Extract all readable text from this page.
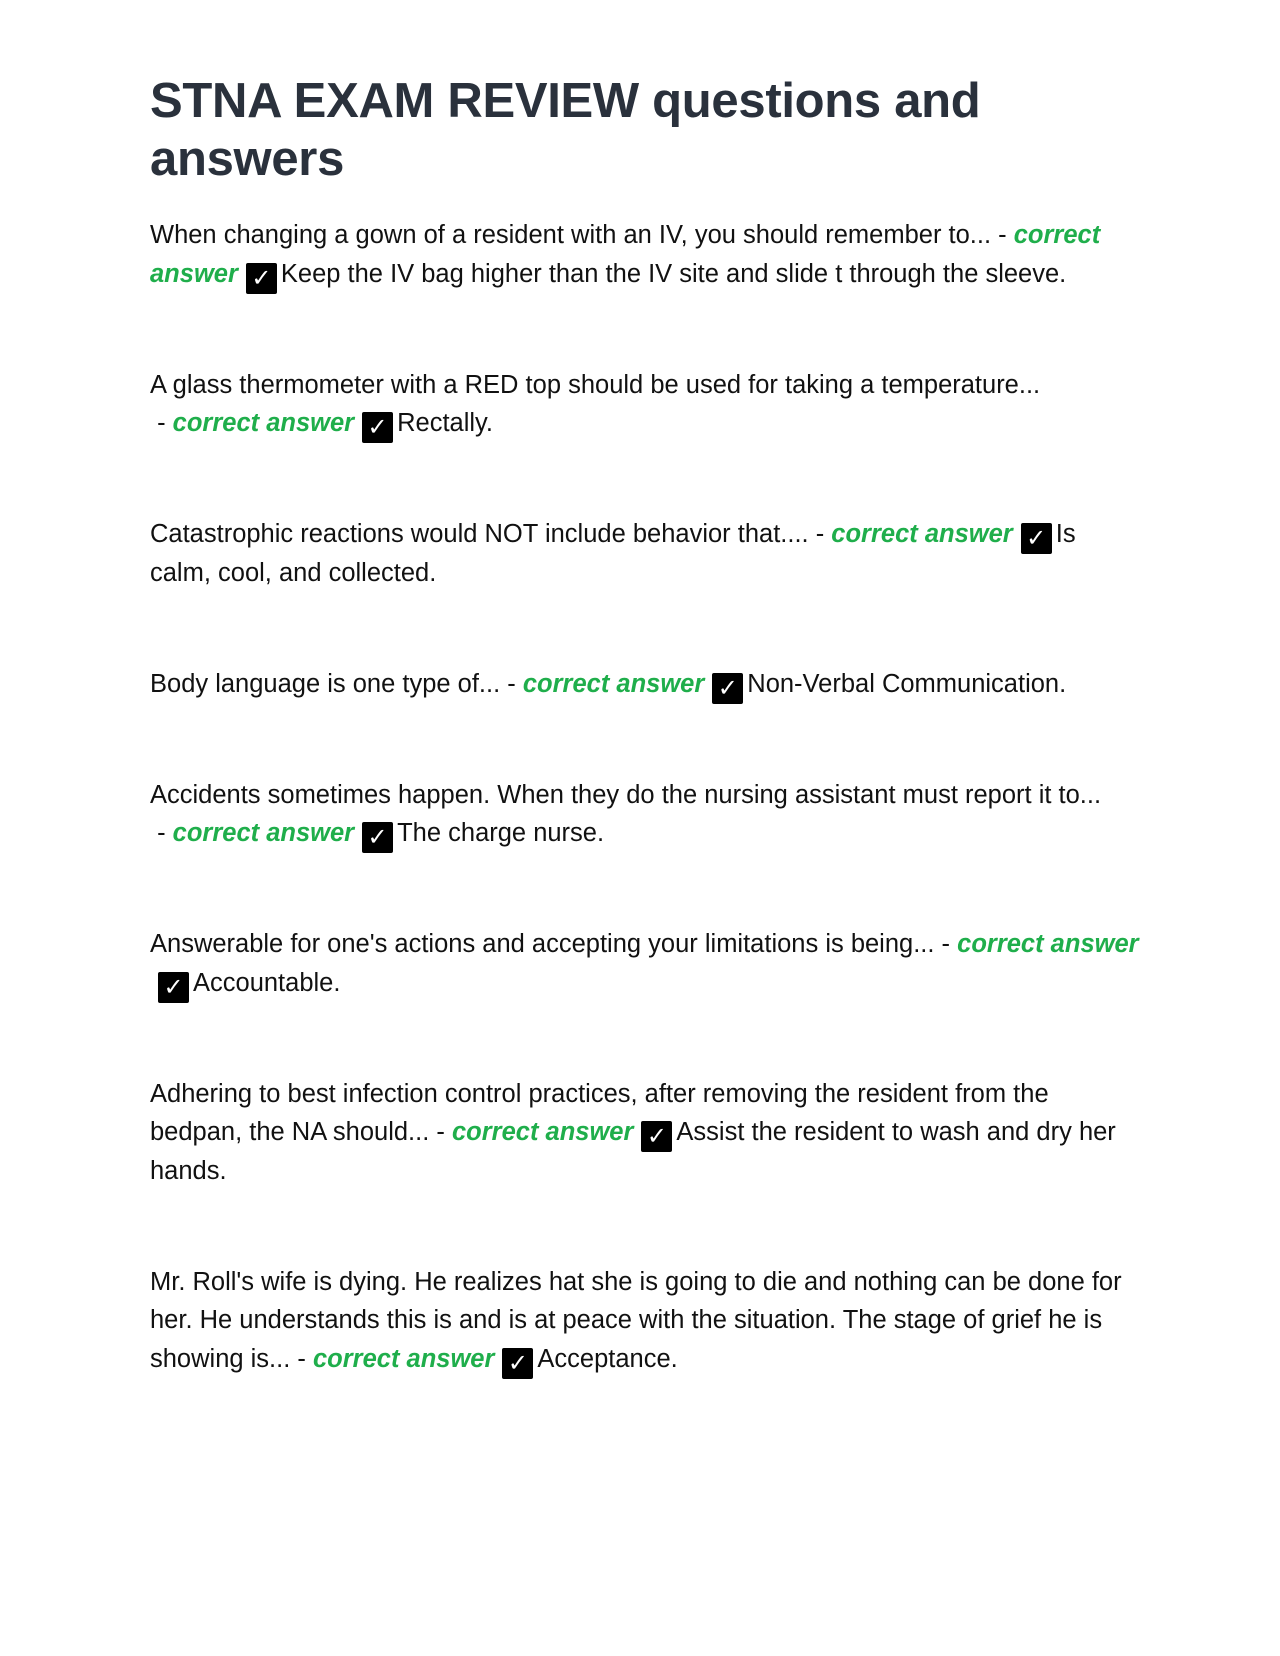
STNA EXAM REVIEW questions and answers

When changing a gown of a resident with an IV, you should remember to... - correct answer ✓ Keep the IV bag higher than the IV site and slide t through the sleeve.

A glass thermometer with a RED top should be used for taking a temperature... - correct answer ✓ Rectally.

Catastrophic reactions would NOT include behavior that.... - correct answer ✓ Is calm, cool, and collected.

Body language is one type of... - correct answer ✓ Non-Verbal Communication.

Accidents sometimes happen. When they do the nursing assistant must report it to... - correct answer ✓ The charge nurse.

Answerable for one's actions and accepting your limitations is being... - correct answer✓ Accountable.

Adhering to best infection control practices, after removing the resident from the bedpan, the NA should... - correct answer ✓ Assist the resident to wash and dry her hands.

Mr. Roll's wife is dying. He realizes hat she is going to die and nothing can be done for her. He understands this is and is at peace with the situation. The stage of grief he is showing is... - correct answer ✓ Acceptance.
